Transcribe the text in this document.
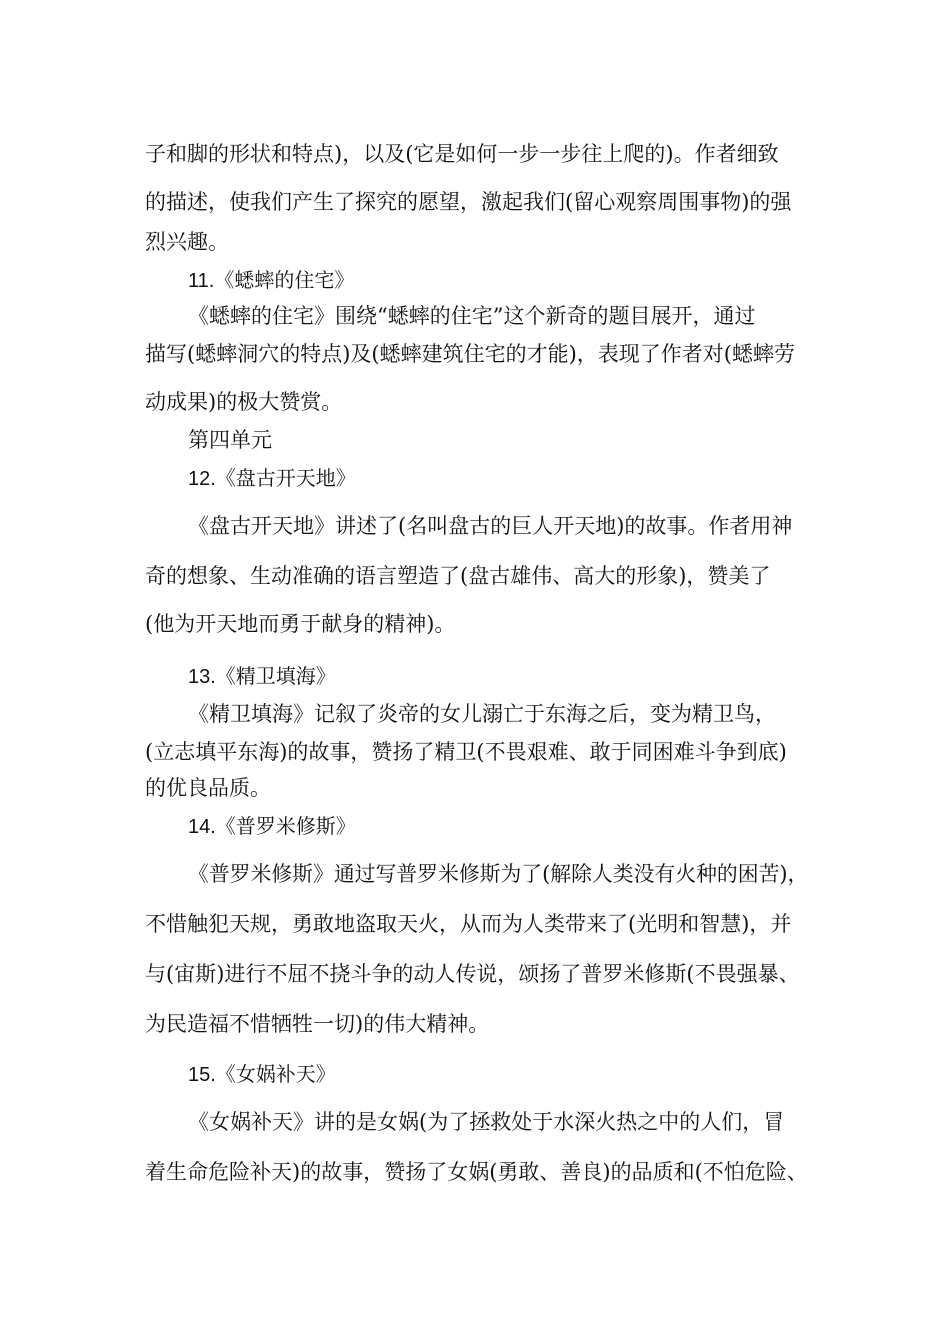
子和脚的形状和特点)，以及(它是如何一步一步往上爬的)。作者细致
的描述，使我们产生了探究的愿望，激起我们(留心观察周围事物)的强
烈兴趣。
11.《蟋蟀的住宅》
《蟋蟀的住宅》围绕“蟋蟀的住宅”这个新奇的题目展开，通过
描写(蟋蟀洞穴的特点)及(蟋蟀建筑住宅的才能)，表现了作者对(蟋蟀劳
动成果)的极大赞赏。
第四单元
12.《盘古开天地》
《盘古开天地》讲述了(名叫盘古的巨人开天地)的故事。作者用神
奇的想象、生动准确的语言塑造了(盘古雄伟、高大的形象)，赞美了
(他为开天地而勇于献身的精神)。
13.《精卫填海》
《精卫填海》记叙了炎帝的女儿溺亡于东海之后，变为精卫鸟，
(立志填平东海)的故事，赞扬了精卫(不畏艰难、敢于同困难斗争到底)
的优良品质。
14.《普罗米修斯》
《普罗米修斯》通过写普罗米修斯为了(解除人类没有火种的困苦)，
不惜触犯天规，勇敢地盗取天火，从而为人类带来了(光明和智慧)，并
与(宙斯)进行不屈不挠斗争的动人传说，颂扬了普罗米修斯(不畏强暴、
为民造福不惜牺牲一切)的伟大精神。
15.《女娲补天》
《女娲补天》讲的是女娲(为了拯救处于水深火热之中的人们，冒
着生命危险补天)的故事，赞扬了女娲(勇敢、善良)的品质和(不怕危险、
